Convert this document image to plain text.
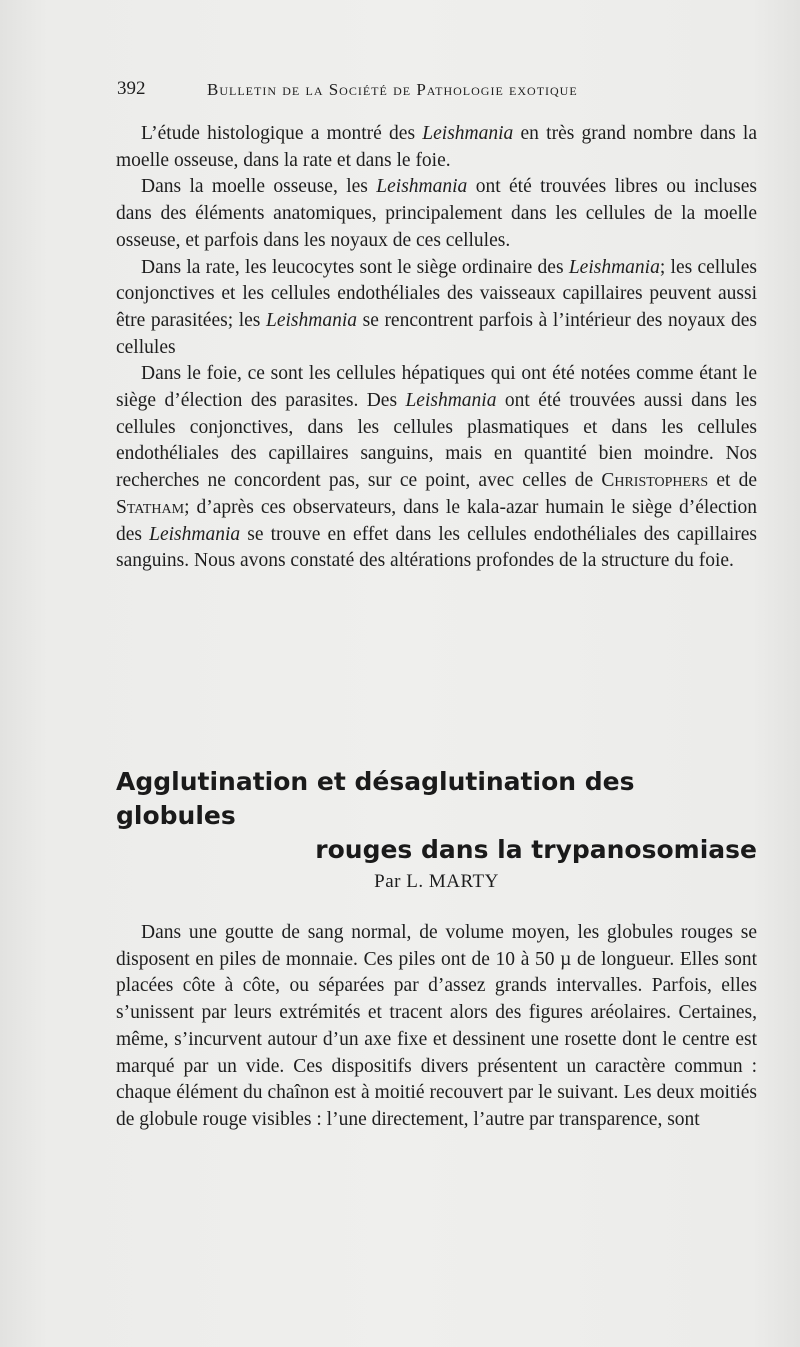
392	Bulletin de la Société de Pathologie exotique

L’étude histologique a montré des Leishmania en très grand nombre dans la moelle osseuse, dans la rate et dans le foie.

Dans la moelle osseuse, les Leishmania ont été trouvées libres ou incluses dans des éléments anatomiques, principalement dans les cellules de la moelle osseuse, et parfois dans les noyaux de ces cellules.

Dans la rate, les leucocytes sont le siège ordinaire des Leishmania; les cellules conjonctives et les cellules endothéliales des vaisseaux capillaires peuvent aussi être parasitées; les Leishmania se rencontrent parfois à l’intérieur des noyaux des cellules

Dans le foie, ce sont les cellules hépatiques qui ont été notées comme étant le siège d’élection des parasites. Des Leishmania ont été trouvées aussi dans les cellules conjonctives, dans les cellules plasmatiques et dans les cellules endothéliales des capillaires sanguins, mais en quantité bien moindre. Nos recherches ne concordent pas, sur ce point, avec celles de Christophers et de Statham; d’après ces observateurs, dans le kala-azar humain le siège d’élection des Leishmania se trouve en effet dans les cellules endothéliales des capillaires sanguins. Nous avons constaté des altérations profondes de la structure du foie.

Agglutination et désaglutination des globules
rouges dans la trypanosomiase
Par L. MARTY

Dans une goutte de sang normal, de volume moyen, les globules rouges se disposent en piles de monnaie. Ces piles ont de 10 à 50 µ de longueur. Elles sont placées côte à côte, ou séparées par d’assez grands intervalles. Parfois, elles s’unissent par leurs extrémités et tracent alors des figures aréolaires. Certaines, même, s’incurvent autour d’un axe fixe et dessinent une rosette dont le centre est marqué par un vide. Ces dispositifs divers présentent un caractère commun : chaque élément du chaînon est à moitié recouvert par le suivant. Les deux moitiés de globule rouge visibles : l’une directement, l’autre par transparence, sont
